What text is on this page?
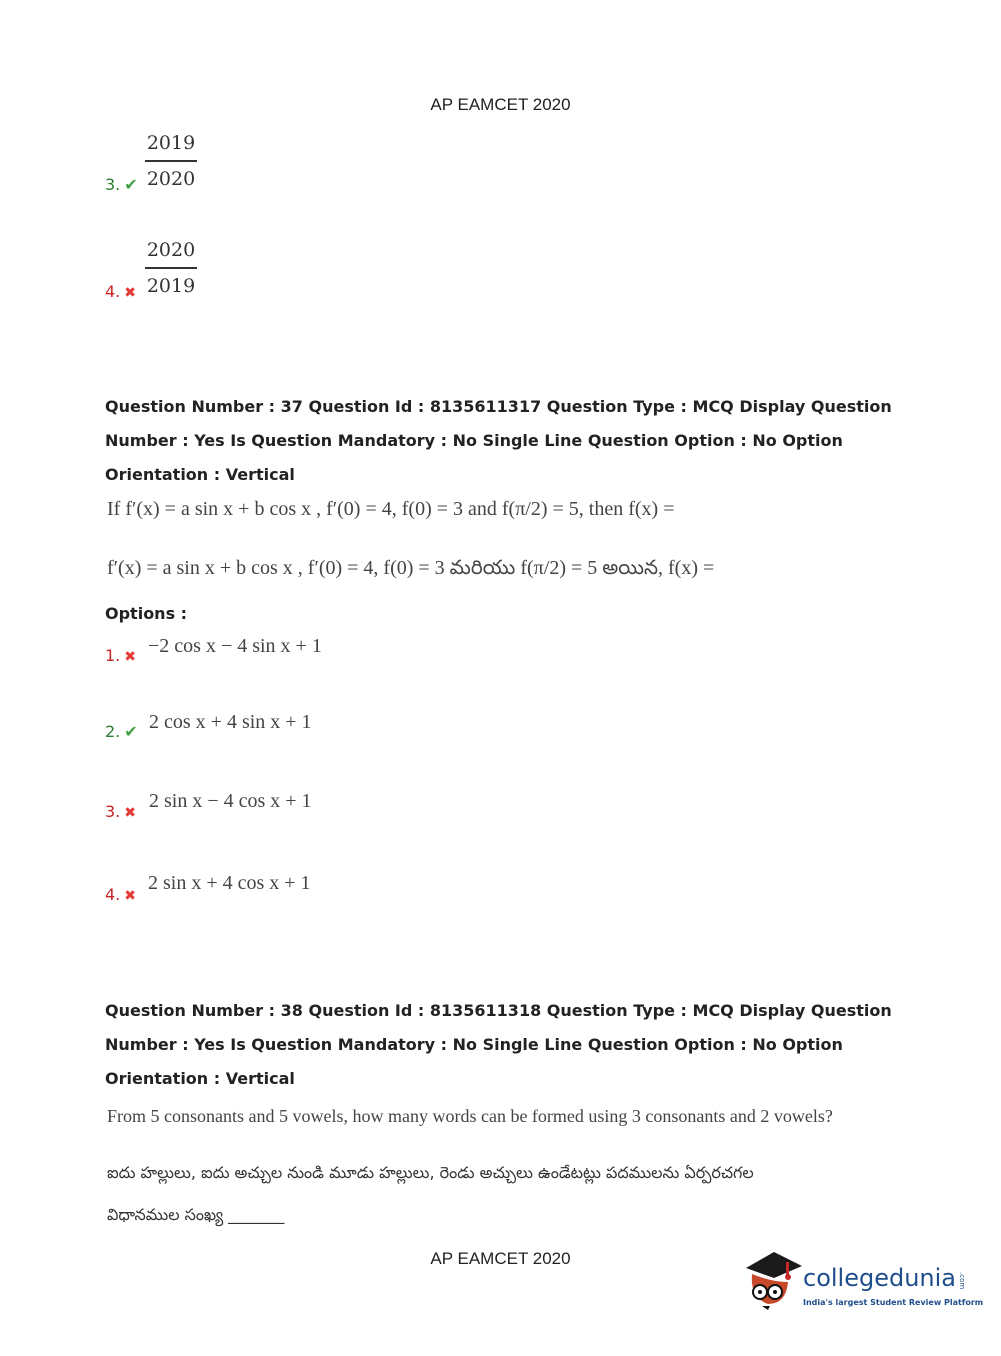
AP EAMCET 2020
$\frac{2019}{2020}$
3. ✔
$\frac{2020}{2019}$
4. ✖
Question Number : 37 Question Id : 8135611317 Question Type : MCQ Display Question
Number : Yes Is Question Mandatory : No Single Line Question Option : No Option
Orientation : Vertical
If f′(x) = a sin x + b cos x , f′(0) = 4, f(0) = 3 and f(π/2) = 5, then f(x) =
f′(x) = a sin x + b cos x , f′(0) = 4, f(0) = 3 మరియు f(π/2) = 5 అయిన, f(x) =
Options :
1. ✖ −2 cos x − 4 sin x + 1
2. ✔ 2 cos x + 4 sin x + 1
3. ✖
2 sin x − 4 cos x + 1
4. ✖
2 sin x + 4 cos x + 1
Question Number : 38 Question Id : 8135611318 Question Type : MCQ Display Question
Number : Yes Is Question Mandatory : No Single Line Question Option : No Option
Orientation : Vertical
From 5 consonants and 5 vowels, how many words can be formed using 3 consonants and 2 vowels?
ఐదు హల్లులు, ఐదు అచ్చుల నుండి మూడు హల్లులు, రెండు అచ్చులు ఉండేటట్లు పదములను ఏర్పరచగల
విధానముల సంఖ్య _______
AP EAMCET 2020
collegedunia .com
India's largest Student Review Platform
